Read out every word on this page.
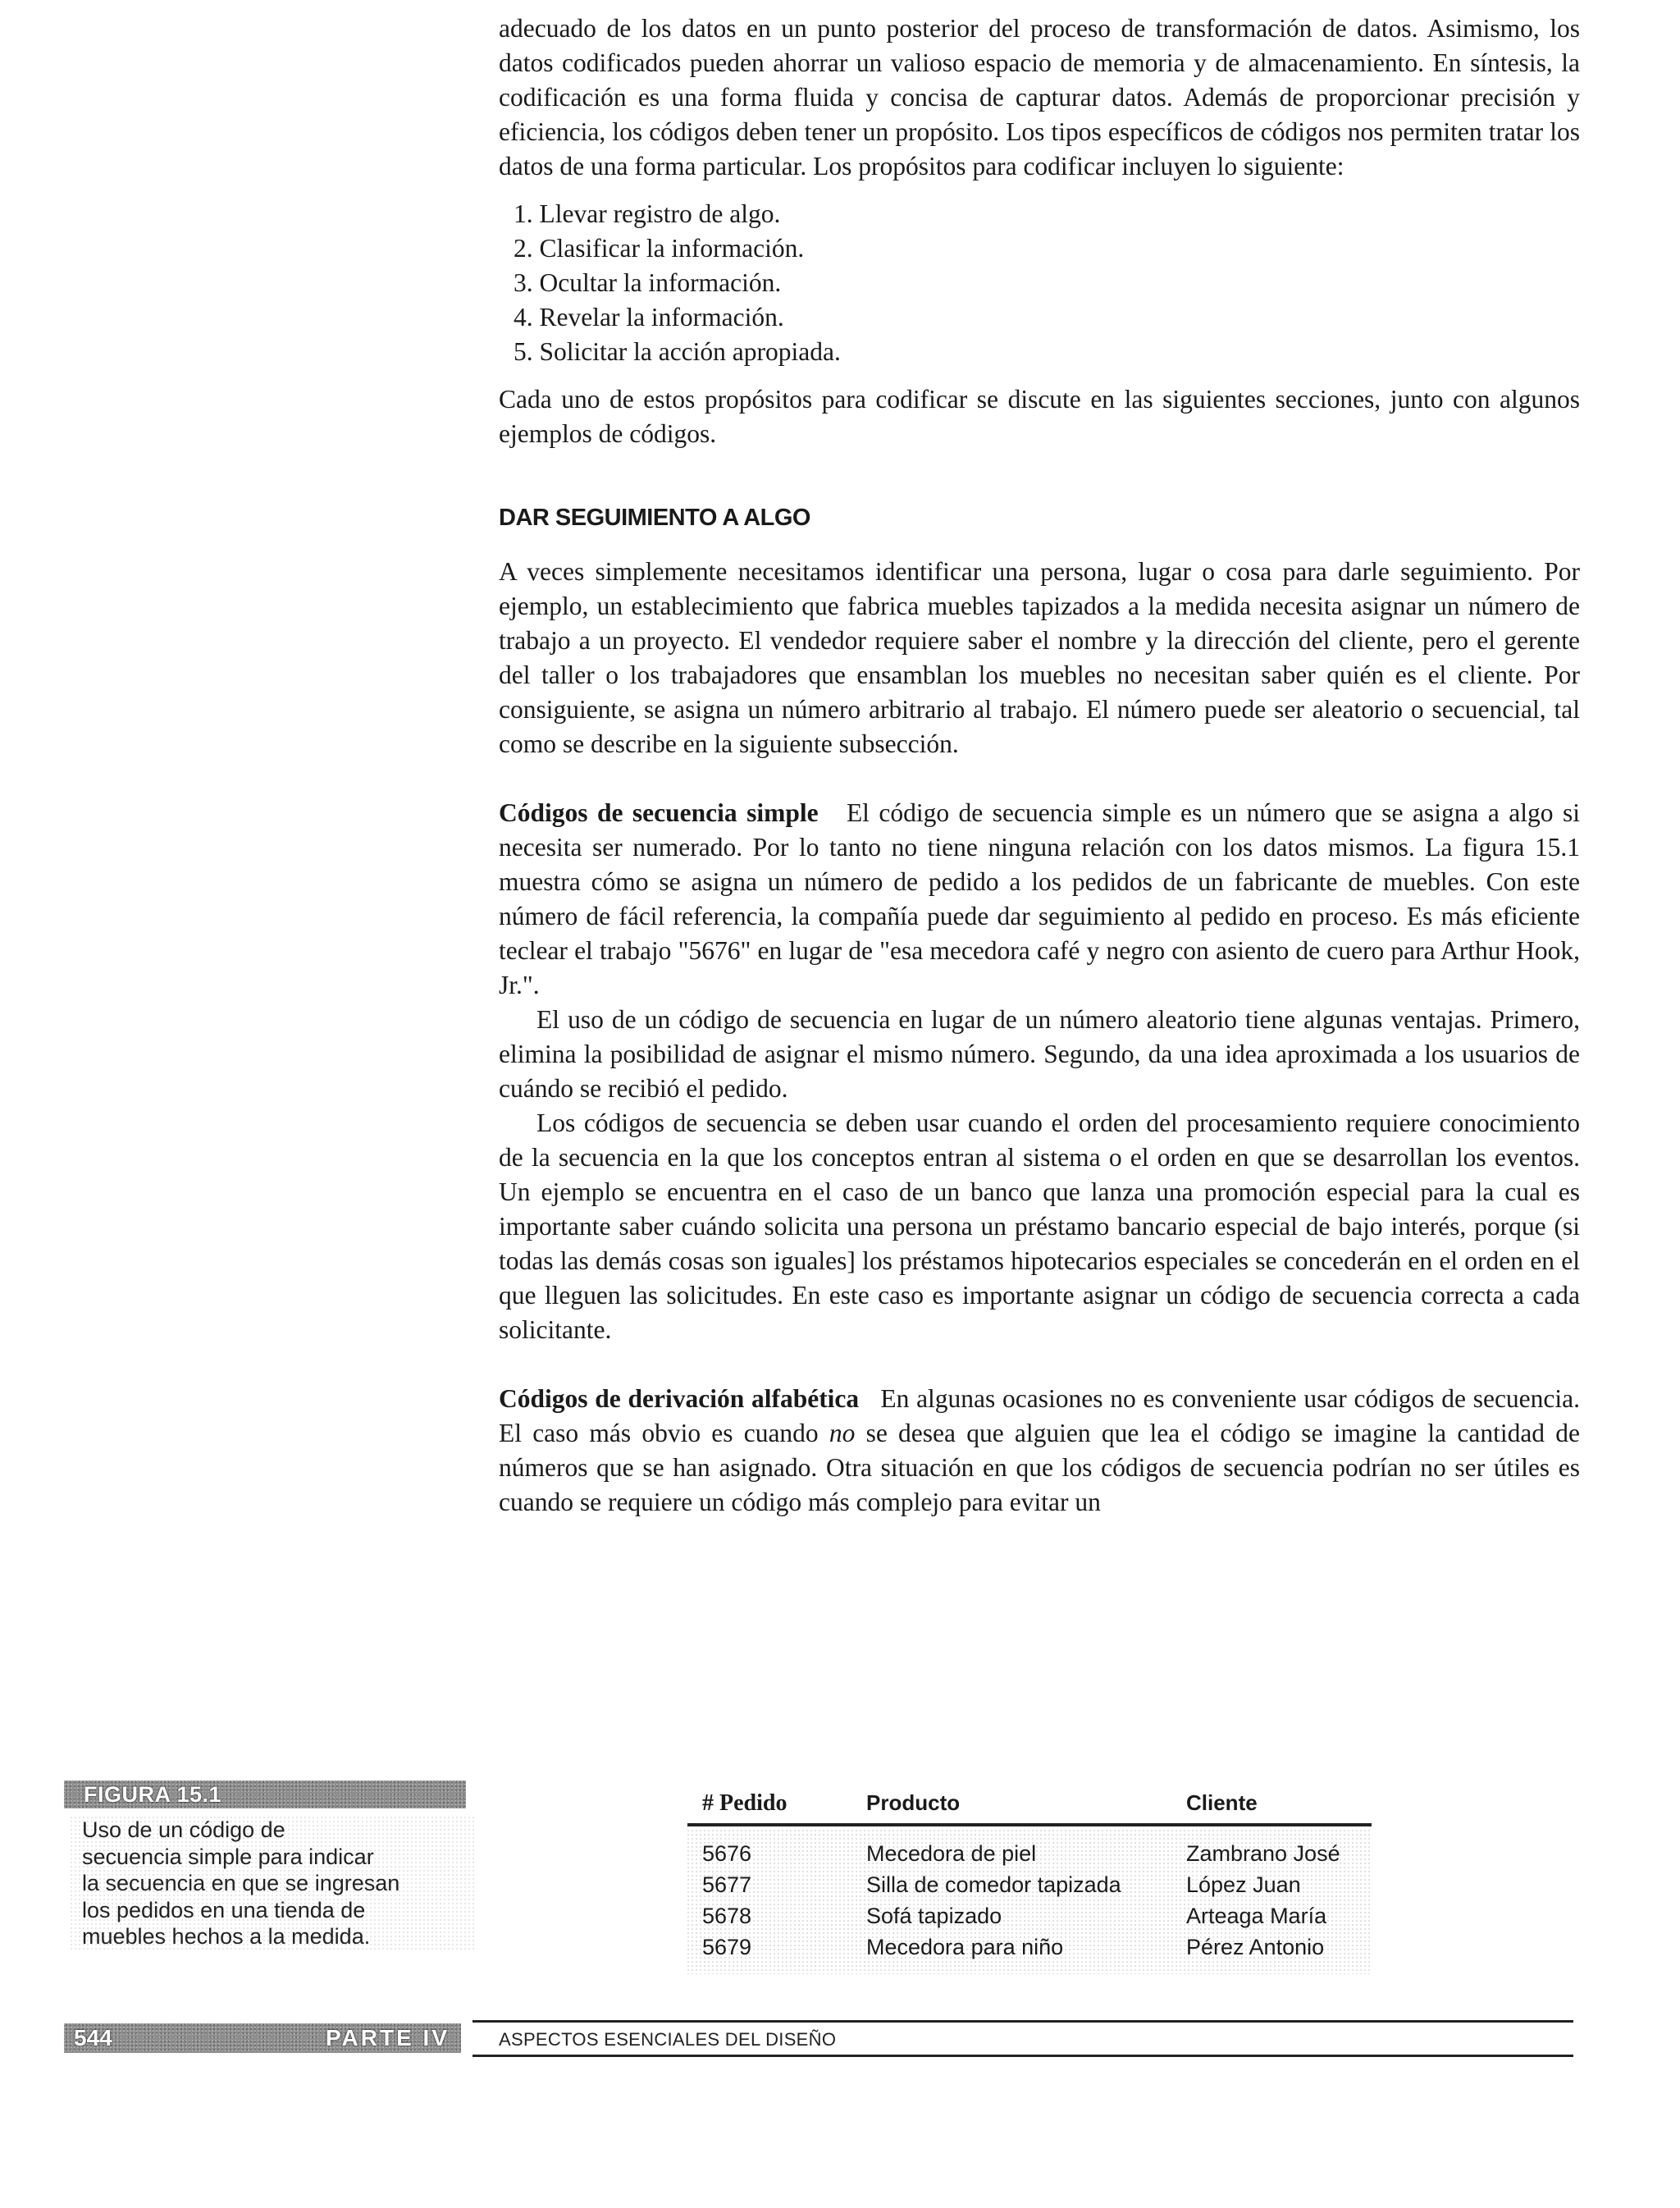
adecuado de los datos en un punto posterior del proceso de transformación de datos. Asimismo, los datos codificados pueden ahorrar un valioso espacio de memoria y de almacenamiento. En síntesis, la codificación es una forma fluida y concisa de capturar datos. Además de proporcionar precisión y eficiencia, los códigos deben tener un propósito. Los tipos específicos de códigos nos permiten tratar los datos de una forma particular. Los propósitos para codificar incluyen lo siguiente:

1. Llevar registro de algo.
2. Clasificar la información.
3. Ocultar la información.
4. Revelar la información.
5. Solicitar la acción apropiada.

Cada uno de estos propósitos para codificar se discute en las siguientes secciones, junto con algunos ejemplos de códigos.

DAR SEGUIMIENTO A ALGO

A veces simplemente necesitamos identificar una persona, lugar o cosa para darle seguimiento. Por ejemplo, un establecimiento que fabrica muebles tapizados a la medida necesita asignar un número de trabajo a un proyecto. El vendedor requiere saber el nombre y la dirección del cliente, pero el gerente del taller o los trabajadores que ensamblan los muebles no necesitan saber quién es el cliente. Por consiguiente, se asigna un número arbitrario al trabajo. El número puede ser aleatorio o secuencial, tal como se describe en la siguiente subsección.

Códigos de secuencia simple El código de secuencia simple es un número que se asigna a algo si necesita ser numerado. Por lo tanto no tiene ninguna relación con los datos mismos. La figura 15.1 muestra cómo se asigna un número de pedido a los pedidos de un fabricante de muebles. Con este número de fácil referencia, la compañía puede dar seguimiento al pedido en proceso. Es más eficiente teclear el trabajo "5676" en lugar de "esa mecedora café y negro con asiento de cuero para Arthur Hook, Jr.".

El uso de un código de secuencia en lugar de un número aleatorio tiene algunas ventajas. Primero, elimina la posibilidad de asignar el mismo número. Segundo, da una idea aproximada a los usuarios de cuándo se recibió el pedido.

Los códigos de secuencia se deben usar cuando el orden del procesamiento requiere conocimiento de la secuencia en la que los conceptos entran al sistema o el orden en que se desarrollan los eventos. Un ejemplo se encuentra en el caso de un banco que lanza una promoción especial para la cual es importante saber cuándo solicita una persona un préstamo bancario especial de bajo interés, porque (si todas las demás cosas son iguales] los préstamos hipotecarios especiales se concederán en el orden en el que lleguen las solicitudes. En este caso es importante asignar un código de secuencia correcta a cada solicitante.

Códigos de derivación alfabética En algunas ocasiones no es conveniente usar códigos de secuencia. El caso más obvio es cuando no se desea que alguien que lea el código se imagine la cantidad de números que se han asignado. Otra situación en que los códigos de secuencia podrían no ser útiles es cuando se requiere un código más complejo para evitar un

FIGURA 15.1
Uso de un código de
secuencia simple para indicar
la secuencia en que se ingresan
los pedidos en una tienda de
muebles hechos a la medida.
# Pedido	Producto	Cliente
5676	Mecedora de piel	Zambrano José
5677	Silla de comedor tapizada	López Juan
5678	Sofá tapizado	Arteaga María
5679	Mecedora para niño	Pérez Antonio
544	PARTE IV	ASPECTOS ESENCIALES DEL DISEÑO
